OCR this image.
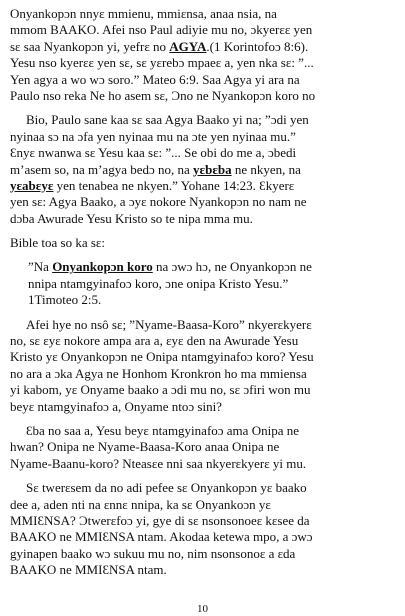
Onyankopɔn nnyɛ mmienu, mmiɛnsa, anaa nsia, na
mmom BAAKO. Afei nso Paul adiyie mu no, ɔkyerɛɛ yen
sɛ saa Nyankopɔn yi, yefrɛ no AGYA.(1 Korintofoɔ 8:6).
Yesu nso kyerɛɛ yen sɛ, sɛ yɛrebɔ mpaeɛ a, yen nka sɛ: ”...
Yen agya a wo wɔ soro.” Mateo 6:9. Saa Agya yi ara na
Paulo nso reka Ne ho asem sɛ, Ɔno ne Nyankopɔn koro no
Bio, Paulo sane kaa sɛ saa Agya Baako yi na; ”ɔdi yen
nyinaa sɔ na ɔfa yen nyinaa mu na ɔte yen nyinaa mu.”
Ɛnyɛ nwanwa sɛ Yesu kaa sɛ: ”... Se obi do me a, ɔbedi
m’asem so, na m’agya bedɔ no, na yɛbɛba ne nkyen, na
yɛabɛyɛ yen tenabea ne nkyen.” Yohane 14:23. Ɛkyerɛ
yen sɛ: Agya Baako, a ɔyɛ nokore Nyankopɔn no nam ne
dɔba Awurade Yesu Kristo so te nipa mma mu.
Bible toa so ka sɛ:
”Na Onyankopɔn koro na ɔwɔ hɔ, ne Onyankopɔn ne
nnipa ntamgyinafoɔ koro, ɔne onipa Kristo Yesu.”
1Timoteo 2:5.
Afei hye no nsô sɛ; ”Nyame-Baasa-Koro” nkyerɛkyerɛ
no, sɛ ɛyɛ nokore ampa ara a, ɛyɛ den na Awurade Yesu
Kristo yɛ Onyankopɔn ne Onipa ntamgyinafoɔ koro? Yesu
no ara a ɔka Agya ne Honhom Kronkron ho ma mmiensa
yi kabom, yɛ Onyame baako a ɔdi mu no, sɛ ɔfiri won mu
beyɛ ntamgyinafoɔ a, Onyame ntoɔ sini?
Ɛba no saa a, Yesu beyɛ ntamgyinafoɔ ama Onipa ne
hwan? Onipa ne Nyame-Baasa-Koro anaa Onipa ne
Nyame-Baanu-koro? Nteasɛe nni saa nkyerɛkyerɛ yi mu.
Sɛ twerɛsem da no adi pefee sɛ Onyankopɔn yɛ baako
dee a, aden nti na ɛnnɛ nnipa, ka sɛ Onyankoɔn yɛ
MMIƐNSA? Ɔtwerɛfoɔ yi, gye di sɛ nsonsonoeɛ kɛsee da
BAAKO ne MMIƐNSA ntam. Akodaa ketewa mpo, a ɔwɔ
gyinapen baako wɔ sukuu mu no, nim nsonsonoɛ a ɛda
BAAKO ne MMIƐNSA ntam.
10
